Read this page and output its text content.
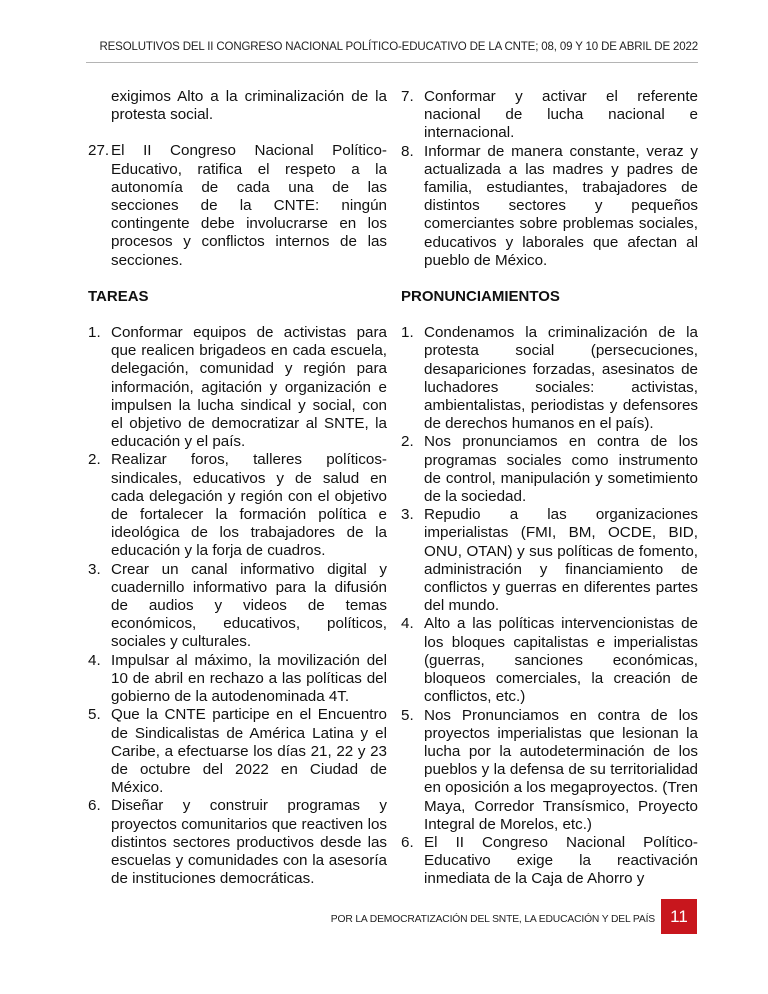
RESOLUTIVOS DEL II CONGRESO NACIONAL POLÍTICO-EDUCATIVO DE LA CNTE; 08, 09 Y 10 DE ABRIL DE 2022

exigimos Alto a la criminalización de la protesta social.

27. El II Congreso Nacional Político-Educativo, ratifica el respeto a la autonomía de cada una de las secciones de la CNTE: ningún contingente debe involucrarse en los procesos y conflictos internos de las secciones.

TAREAS

1. Conformar equipos de activistas para que realicen brigadeos en cada escuela, delegación, comunidad y región para información, agitación y organización e impulsen la lucha sindical y social, con el objetivo de democratizar al SNTE, la educación y el país.
2. Realizar foros, talleres políticos-sindicales, educativos y de salud en cada delegación y región con el objetivo de fortalecer la formación política e ideológica de los trabajadores de la educación y la forja de cuadros.
3. Crear un canal informativo digital y cuadernillo informativo para la difusión de audios y videos de temas económicos, educativos, políticos, sociales y culturales.
4. Impulsar al máximo, la movilización del 10 de abril en rechazo a las políticas del gobierno de la autodenominada 4T.
5. Que la CNTE participe en el Encuentro de Sindicalistas de América Latina y el Caribe, a efectuarse los días 21, 22 y 23 de octubre del 2022 en Ciudad de México.
6. Diseñar y construir programas y proyectos comunitarios que reactiven los distintos sectores productivos desde las escuelas y comunidades con la asesoría de instituciones democráticas.
7. Conformar y activar el referente nacional de lucha nacional e internacional.
8. Informar de manera constante, veraz y actualizada a las madres y padres de familia, estudiantes, trabajadores de distintos sectores y pequeños comerciantes sobre problemas sociales, educativos y laborales que afectan al pueblo de México.

PRONUNCIAMIENTOS

1. Condenamos la criminalización de la protesta social (persecuciones, desapariciones forzadas, asesinatos de luchadores sociales: activistas, ambientalistas, periodistas y defensores de derechos humanos en el país).
2. Nos pronunciamos en contra de los programas sociales como instrumento de control, manipulación y sometimiento de la sociedad.
3. Repudio a las organizaciones imperialistas (FMI, BM, OCDE, BID, ONU, OTAN) y sus políticas de fomento, administración y financiamiento de conflictos y guerras en diferentes partes del mundo.
4. Alto a las políticas intervencionistas de los bloques capitalistas e imperialistas (guerras, sanciones económicas, bloqueos comerciales, la creación de conflictos, etc.)
5. Nos Pronunciamos en contra de los proyectos imperialistas que lesionan la lucha por la autodeterminación de los pueblos y la defensa de su territorialidad en oposición a los megaproyectos. (Tren Maya, Corredor Transísmico, Proyecto Integral de Morelos, etc.)
6. El II Congreso Nacional Político-Educativo exige la reactivación inmediata de la Caja de Ahorro y
POR LA DEMOCRATIZACIÓN DEL SNTE, LA EDUCACIÓN Y DEL PAÍS 11
